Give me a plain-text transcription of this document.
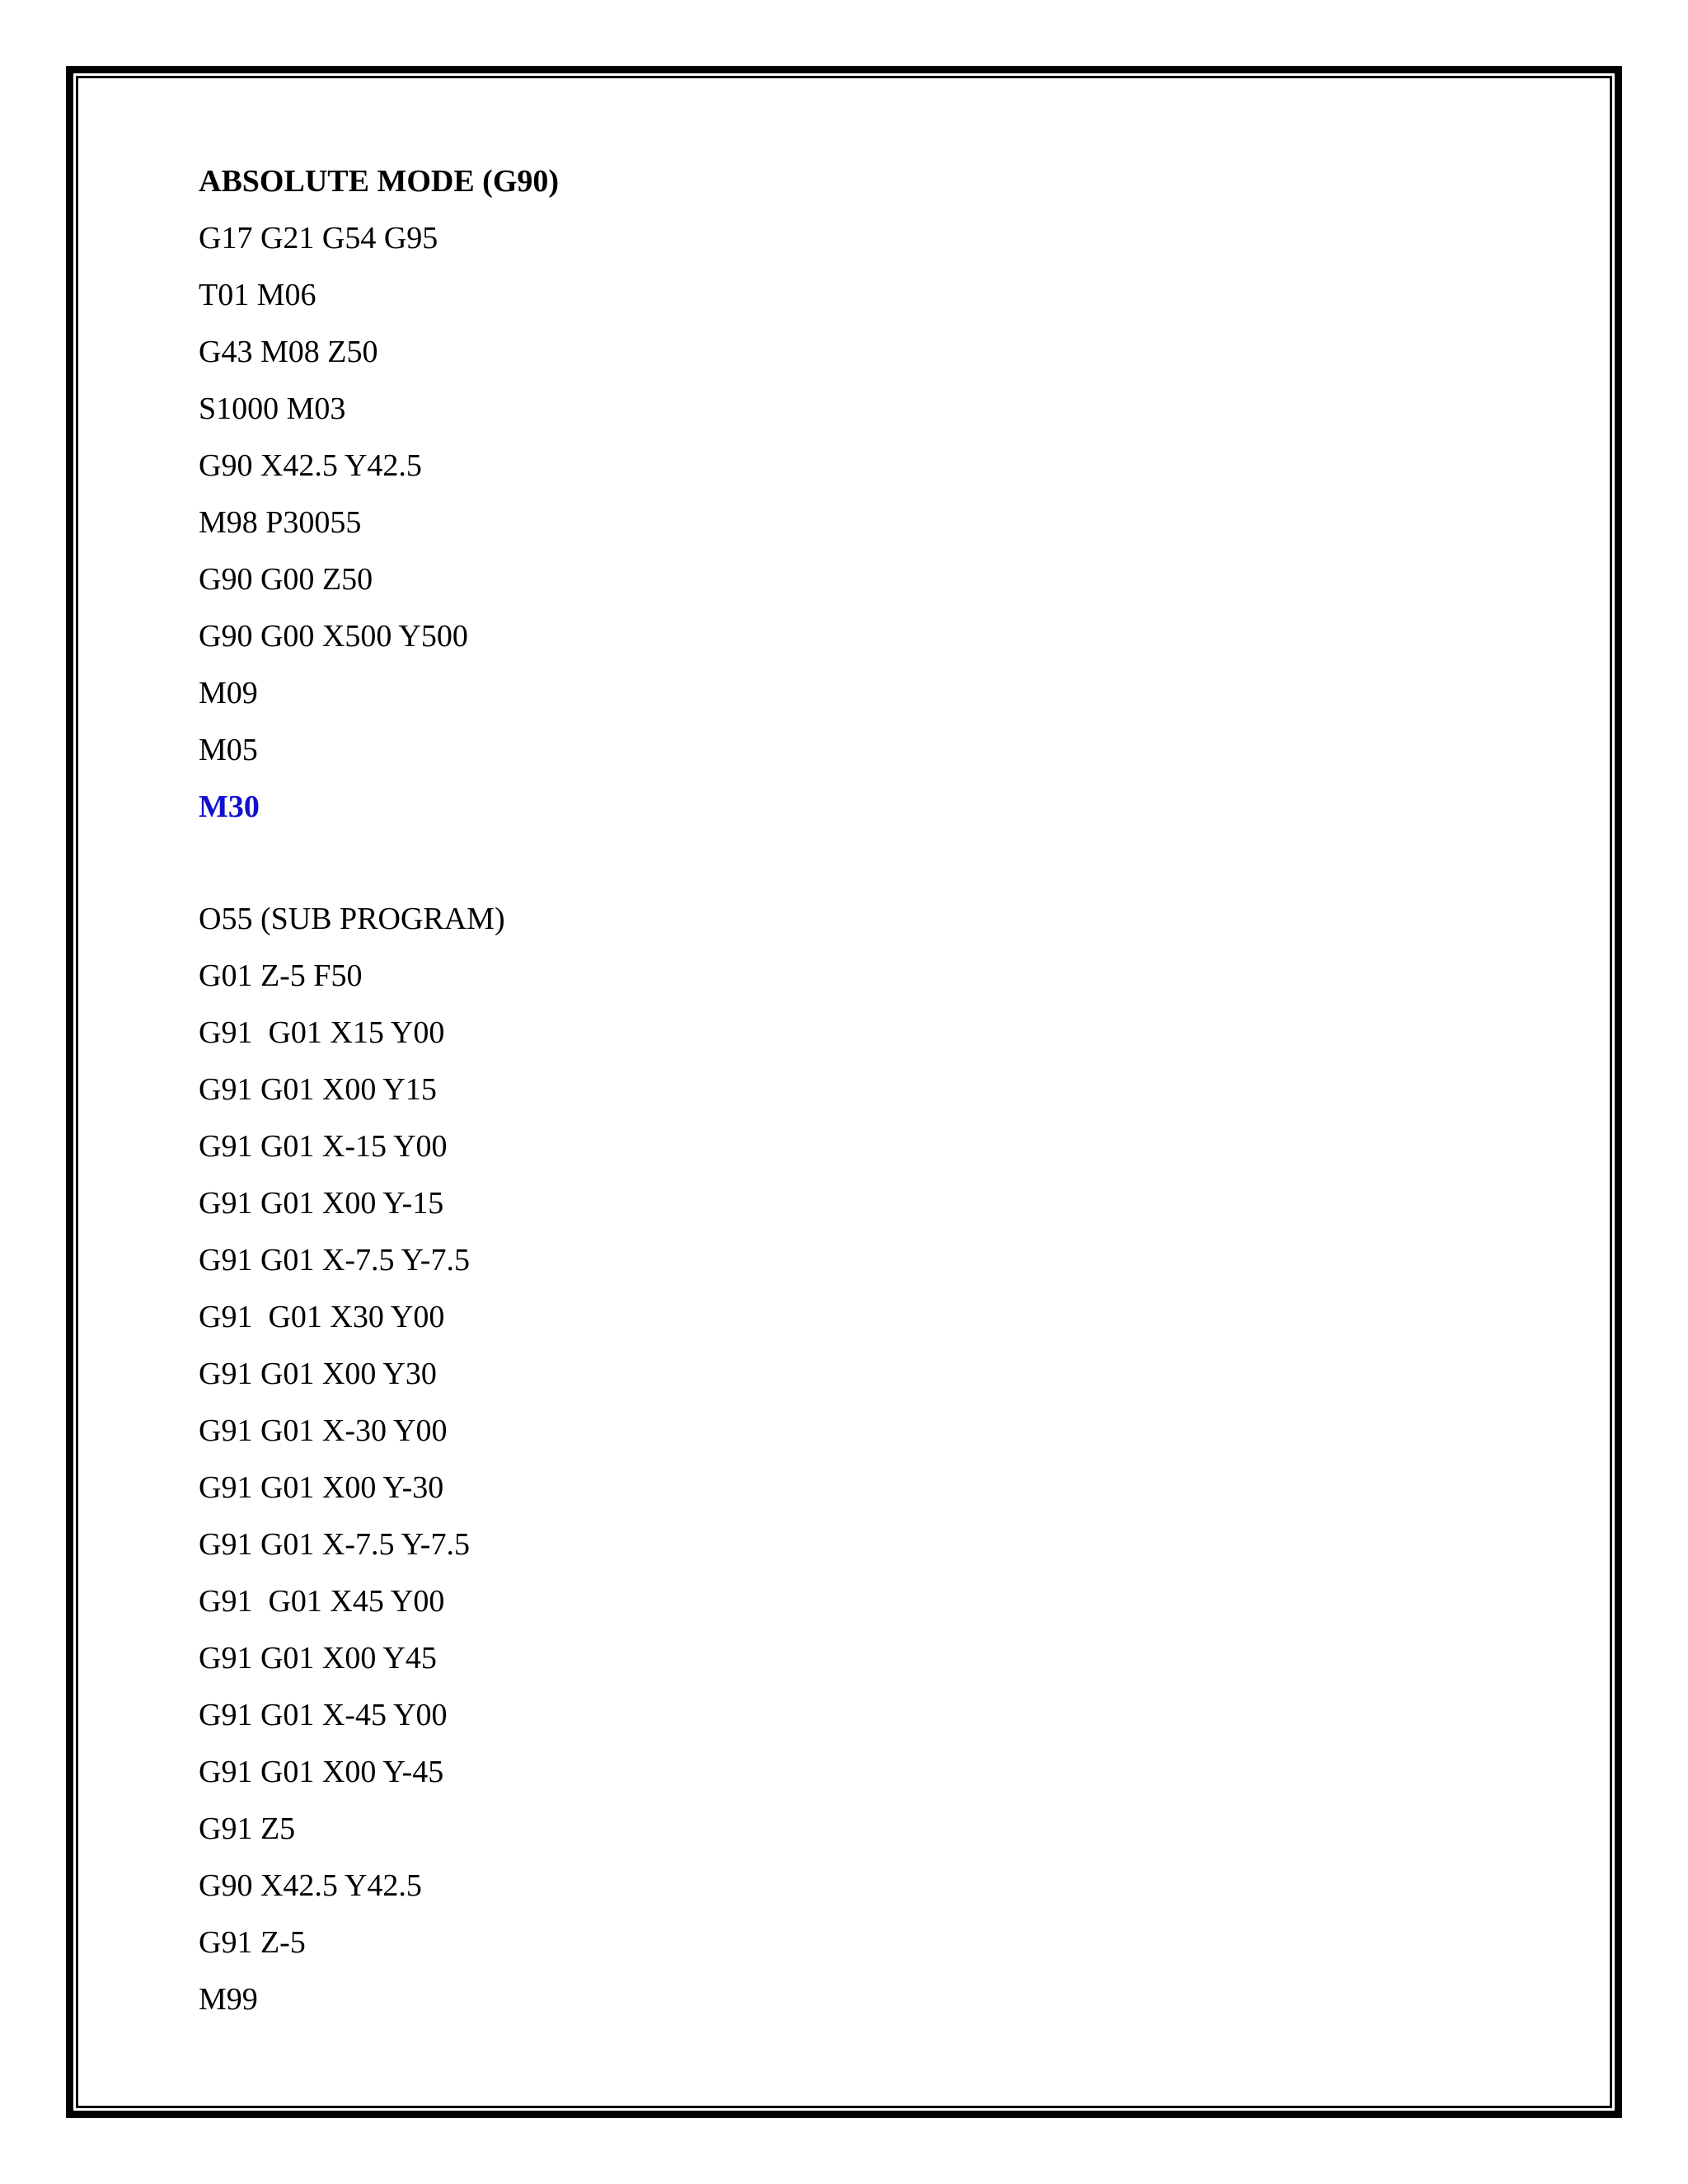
ABSOLUTE MODE (G90)
G17 G21 G54 G95
T01 M06
G43 M08 Z50
S1000 M03
G90 X42.5 Y42.5
M98 P30055
G90 G00 Z50
G90 G00 X500 Y500
M09
M05
M30
O55 (SUB PROGRAM)
G01 Z-5 F50
G91  G01 X15 Y00
G91 G01 X00 Y15
G91 G01 X-15 Y00
G91 G01 X00 Y-15
G91 G01 X-7.5 Y-7.5
G91  G01 X30 Y00
G91 G01 X00 Y30
G91 G01 X-30 Y00
G91 G01 X00 Y-30
G91 G01 X-7.5 Y-7.5
G91  G01 X45 Y00
G91 G01 X00 Y45
G91 G01 X-45 Y00
G91 G01 X00 Y-45
G91 Z5
G90 X42.5 Y42.5
G91 Z-5
M99
